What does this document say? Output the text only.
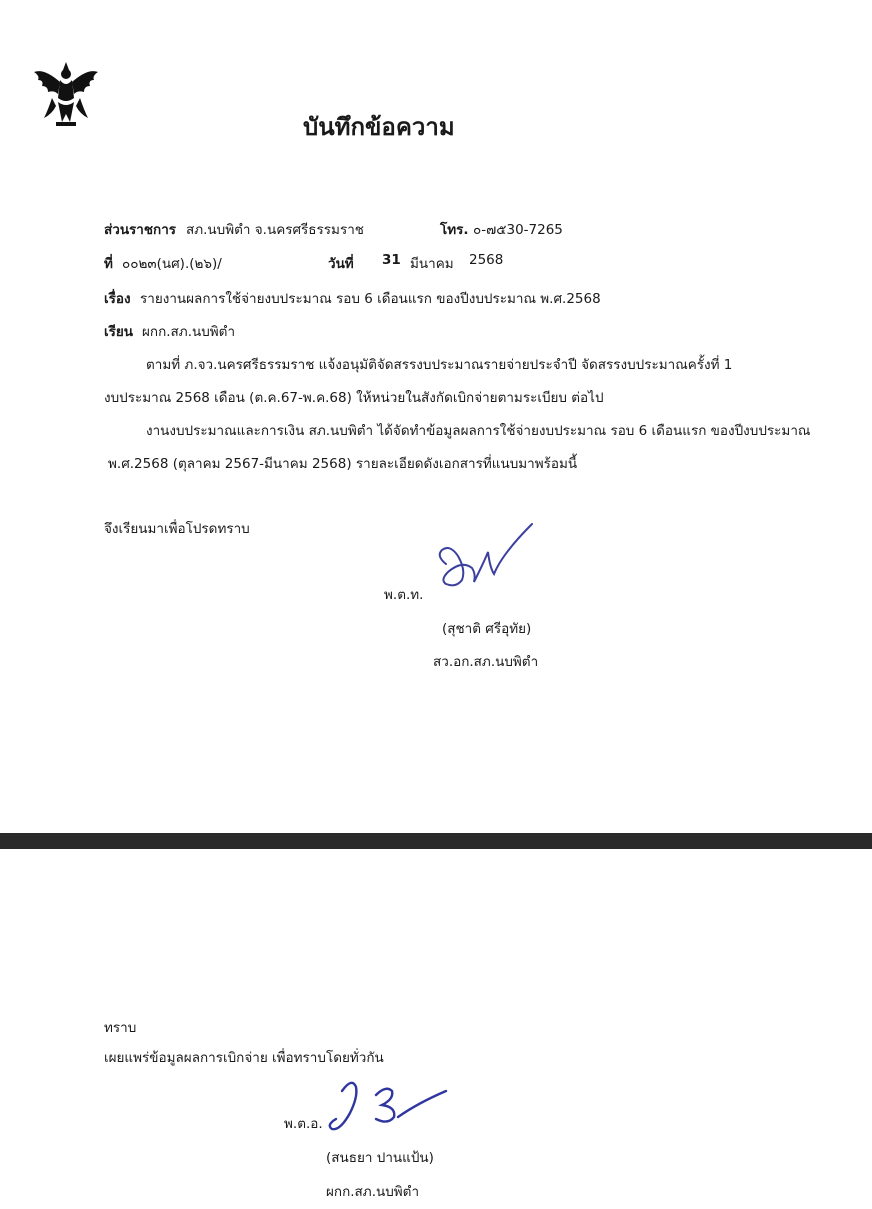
บันทึกข้อความ
ส่วนราชการ สภ.นบพิตำ จ.นครศรีธรรมราช	โทร. ๐-๗๕30-7265
ที่ ๐๐๒๓(นศ).(๒๖)/	วันที่ 31 มีนาคม 2568
เรื่อง รายงานผลการใช้จ่ายงบประมาณ รอบ 6 เดือนแรก ของปีงบประมาณ พ.ศ.2568
เรียน ผกก.สภ.นบพิตำ
ตามที่ ภ.จว.นครศรีธรรมราช แจ้งอนุมัติจัดสรรงบประมาณรายจ่ายประจำปี จัดสรรงบประมาณครั้งที่ 1
งบประมาณ 2568 เดือน (ต.ค.67-พ.ค.68) ให้หน่วยในสังกัดเบิกจ่ายตามระเบียบ ต่อไป
งานงบประมาณและการเงิน สภ.นบพิตำ ได้จัดทำข้อมูลผลการใช้จ่ายงบประมาณ รอบ 6 เดือนแรก ของปีงบประมาณ
พ.ศ.2568 (ตุลาคม 2567-มีนาคม 2568) รายละเอียดดังเอกสารที่แนบมาพร้อมนี้
จึงเรียนมาเพื่อโปรดทราบ
พ.ต.ท.
(สุชาติ ศรีอุทัย)
สว.อก.สภ.นบพิตำ
ทราบ
เผยแพร่ข้อมูลผลการเบิกจ่าย เพื่อทราบโดยทั่วกัน
พ.ต.อ.
(สนธยา ปานแป้น)
ผกก.สภ.นบพิตำ
